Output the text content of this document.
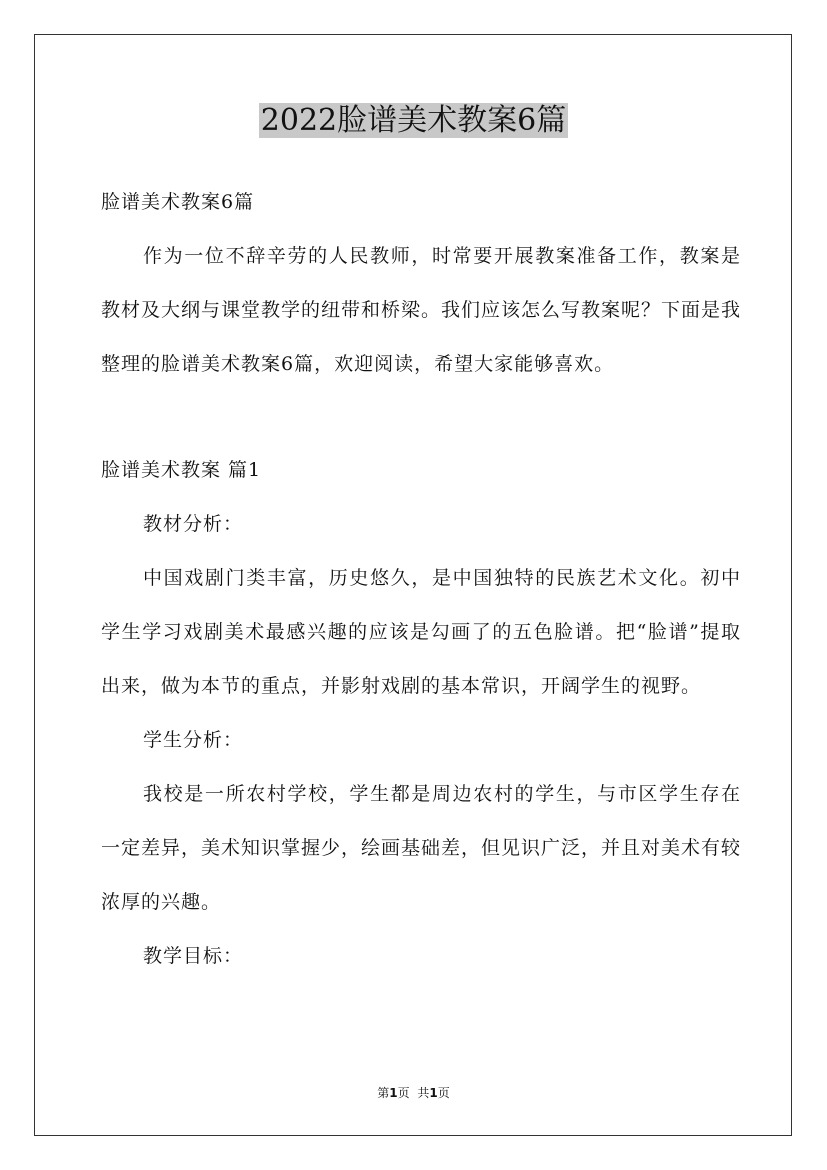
2022脸谱美术教案6篇

脸谱美术教案6篇

作为一位不辞辛劳的人民教师，时常要开展教案准备工作，教案是教材及大纲与课堂教学的纽带和桥梁。我们应该怎么写教案呢？下面是我整理的脸谱美术教案6篇，欢迎阅读，希望大家能够喜欢。

脸谱美术教案 篇1

教材分析：

中国戏剧门类丰富，历史悠久，是中国独特的民族艺术文化。初中学生学习戏剧美术最感兴趣的应该是勾画了的五色脸谱。把“脸谱”提取出来，做为本节的重点，并影射戏剧的基本常识，开阔学生的视野。

学生分析：

我校是一所农村学校，学生都是周边农村的学生，与市区学生存在一定差异，美术知识掌握少，绘画基础差，但见识广泛，并且对美术有较浓厚的兴趣。

教学目标：

第1页 共1页
